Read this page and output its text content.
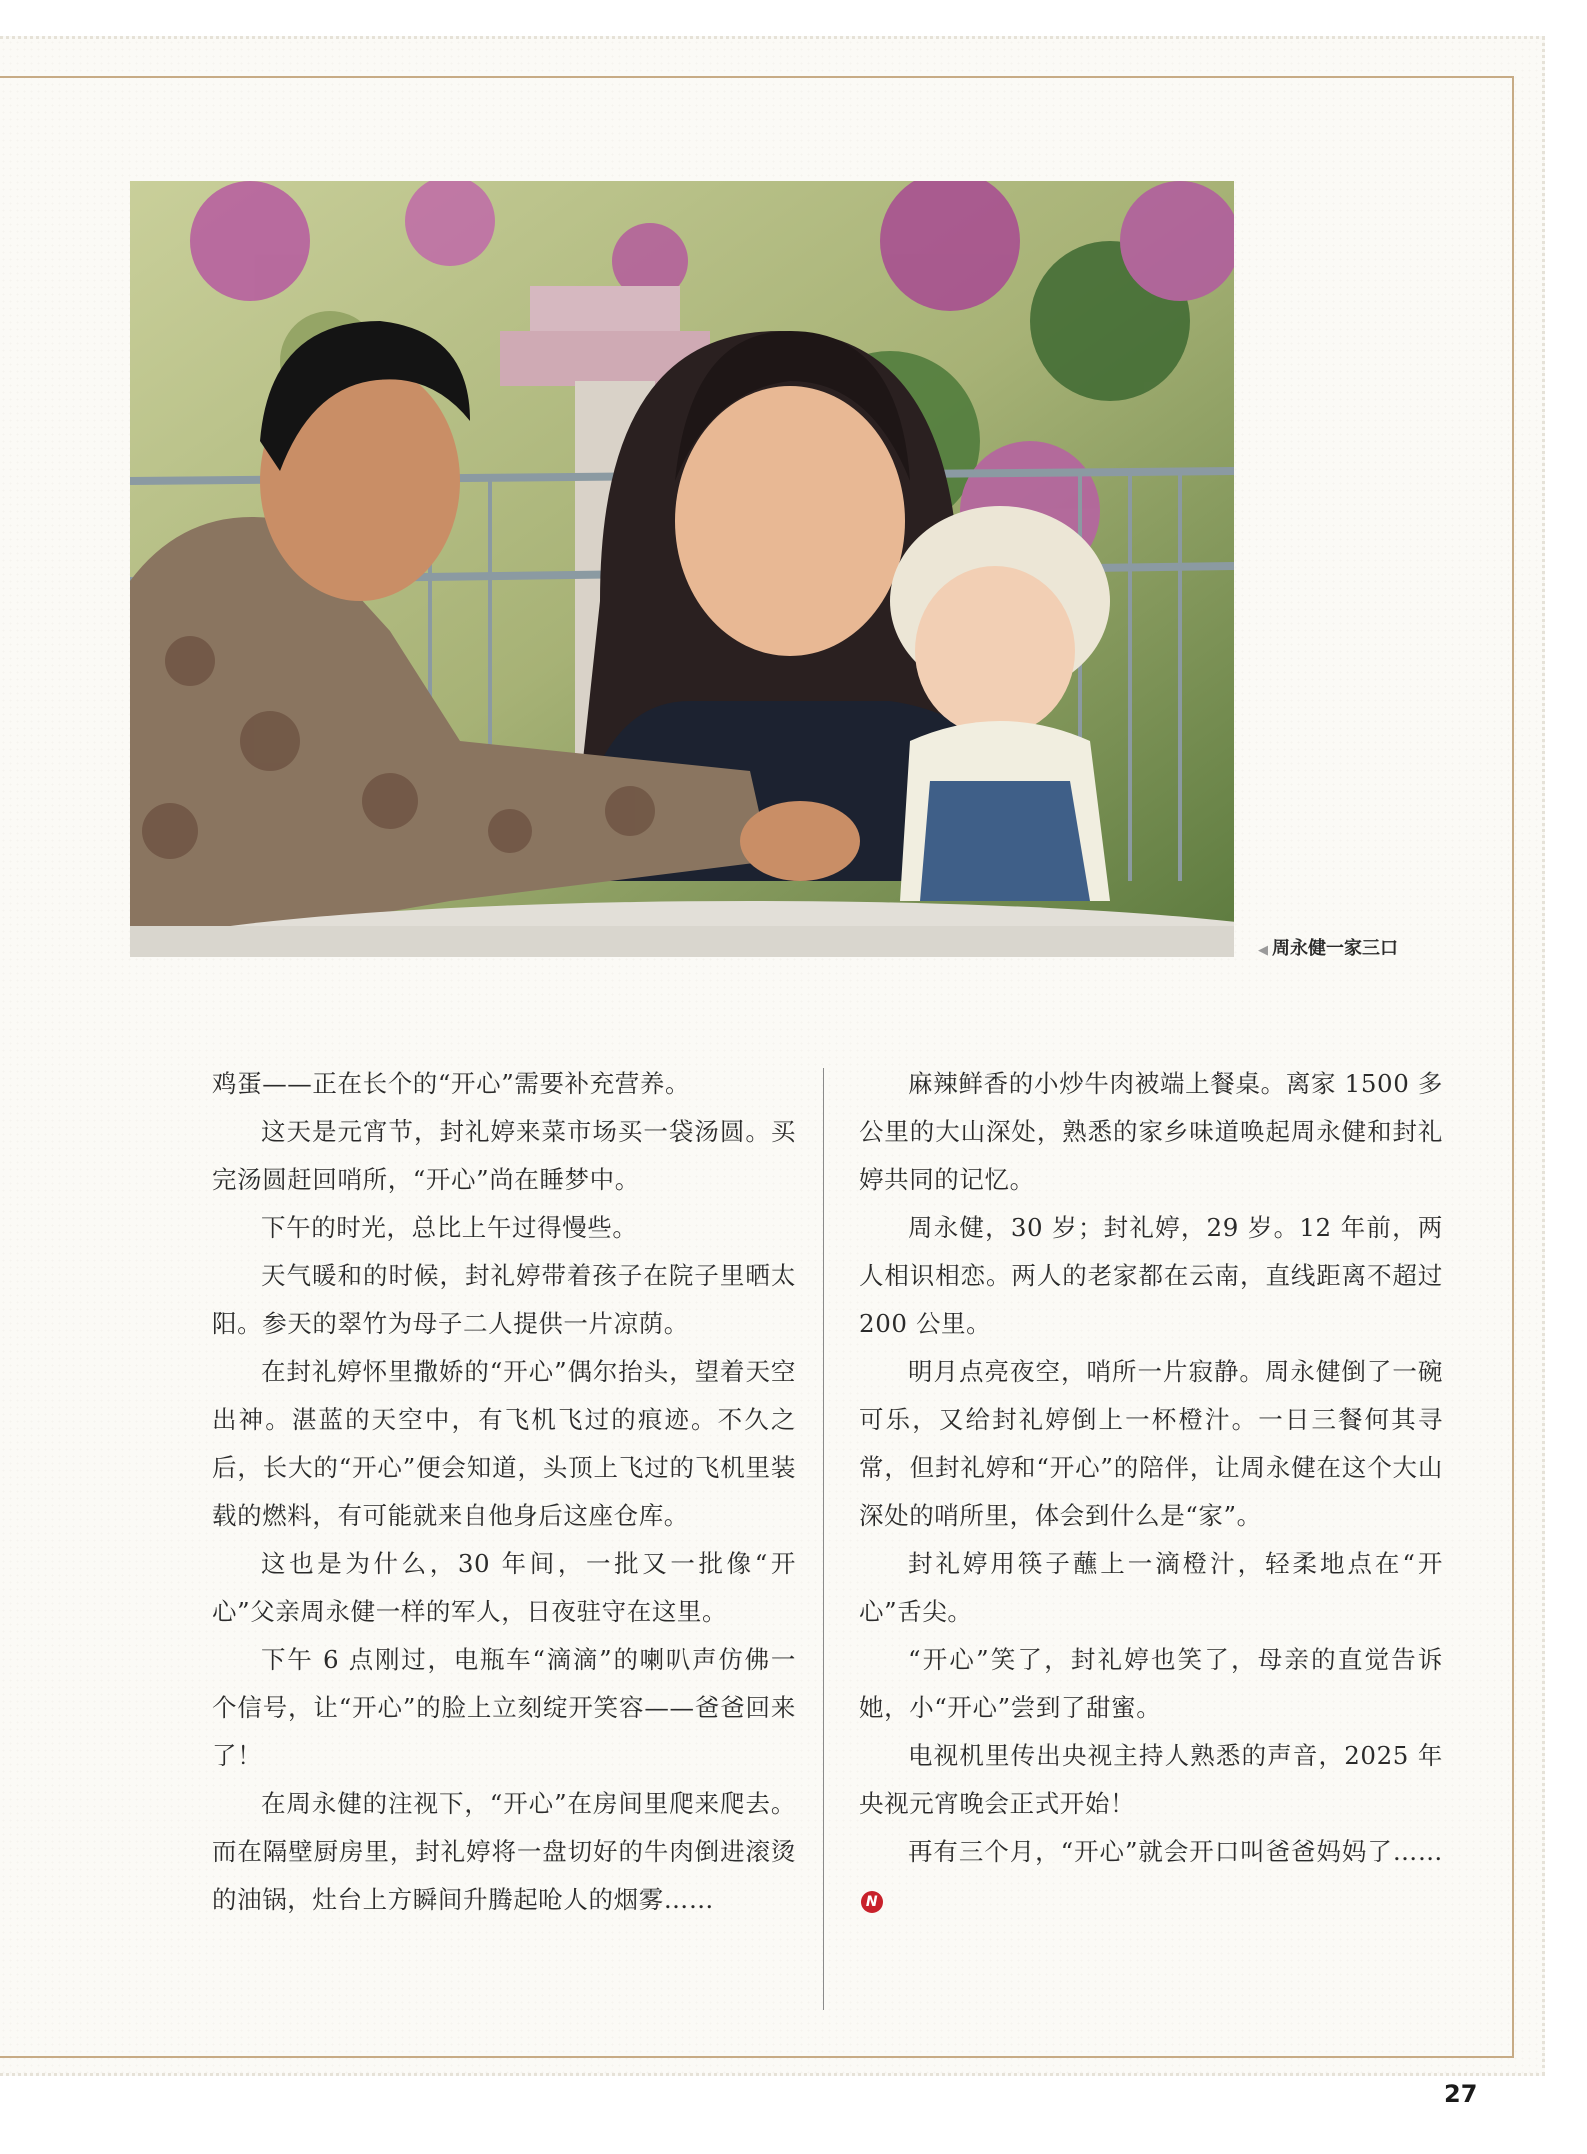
◀ 周永健一家三口

鸡蛋——正在长个的“开心”需要补充营养。

这天是元宵节，封礼婷来菜市场买一袋汤圆。买完汤圆赶回哨所，“开心”尚在睡梦中。

下午的时光，总比上午过得慢些。

天气暖和的时候，封礼婷带着孩子在院子里晒太阳。参天的翠竹为母子二人提供一片凉荫。

在封礼婷怀里撒娇的“开心”偶尔抬头，望着天空出神。湛蓝的天空中，有飞机飞过的痕迹。不久之后，长大的“开心”便会知道，头顶上飞过的飞机里装载的燃料，有可能就来自他身后这座仓库。

这也是为什么，30 年间，一批又一批像“开心”父亲周永健一样的军人，日夜驻守在这里。

下午 6 点刚过，电瓶车“滴滴”的喇叭声仿佛一个信号，让“开心”的脸上立刻绽开笑容——爸爸回来了！

在周永健的注视下，“开心”在房间里爬来爬去。而在隔壁厨房里，封礼婷将一盘切好的牛肉倒进滚烫的油锅，灶台上方瞬间升腾起呛人的烟雾……

麻辣鲜香的小炒牛肉被端上餐桌。离家 1500 多公里的大山深处，熟悉的家乡味道唤起周永健和封礼婷共同的记忆。

周永健，30 岁；封礼婷，29 岁。12 年前，两人相识相恋。两人的老家都在云南，直线距离不超过 200 公里。

明月点亮夜空，哨所一片寂静。周永健倒了一碗可乐，又给封礼婷倒上一杯橙汁。一日三餐何其寻常，但封礼婷和“开心”的陪伴，让周永健在这个大山深处的哨所里，体会到什么是“家”。

封礼婷用筷子蘸上一滴橙汁，轻柔地点在“开心”舌尖。

“开心”笑了，封礼婷也笑了，母亲的直觉告诉她，小“开心”尝到了甜蜜。

电视机里传出央视主持人熟悉的声音，2025 年央视元宵晚会正式开始！

再有三个月，“开心”就会开口叫爸爸妈妈了……N

27
